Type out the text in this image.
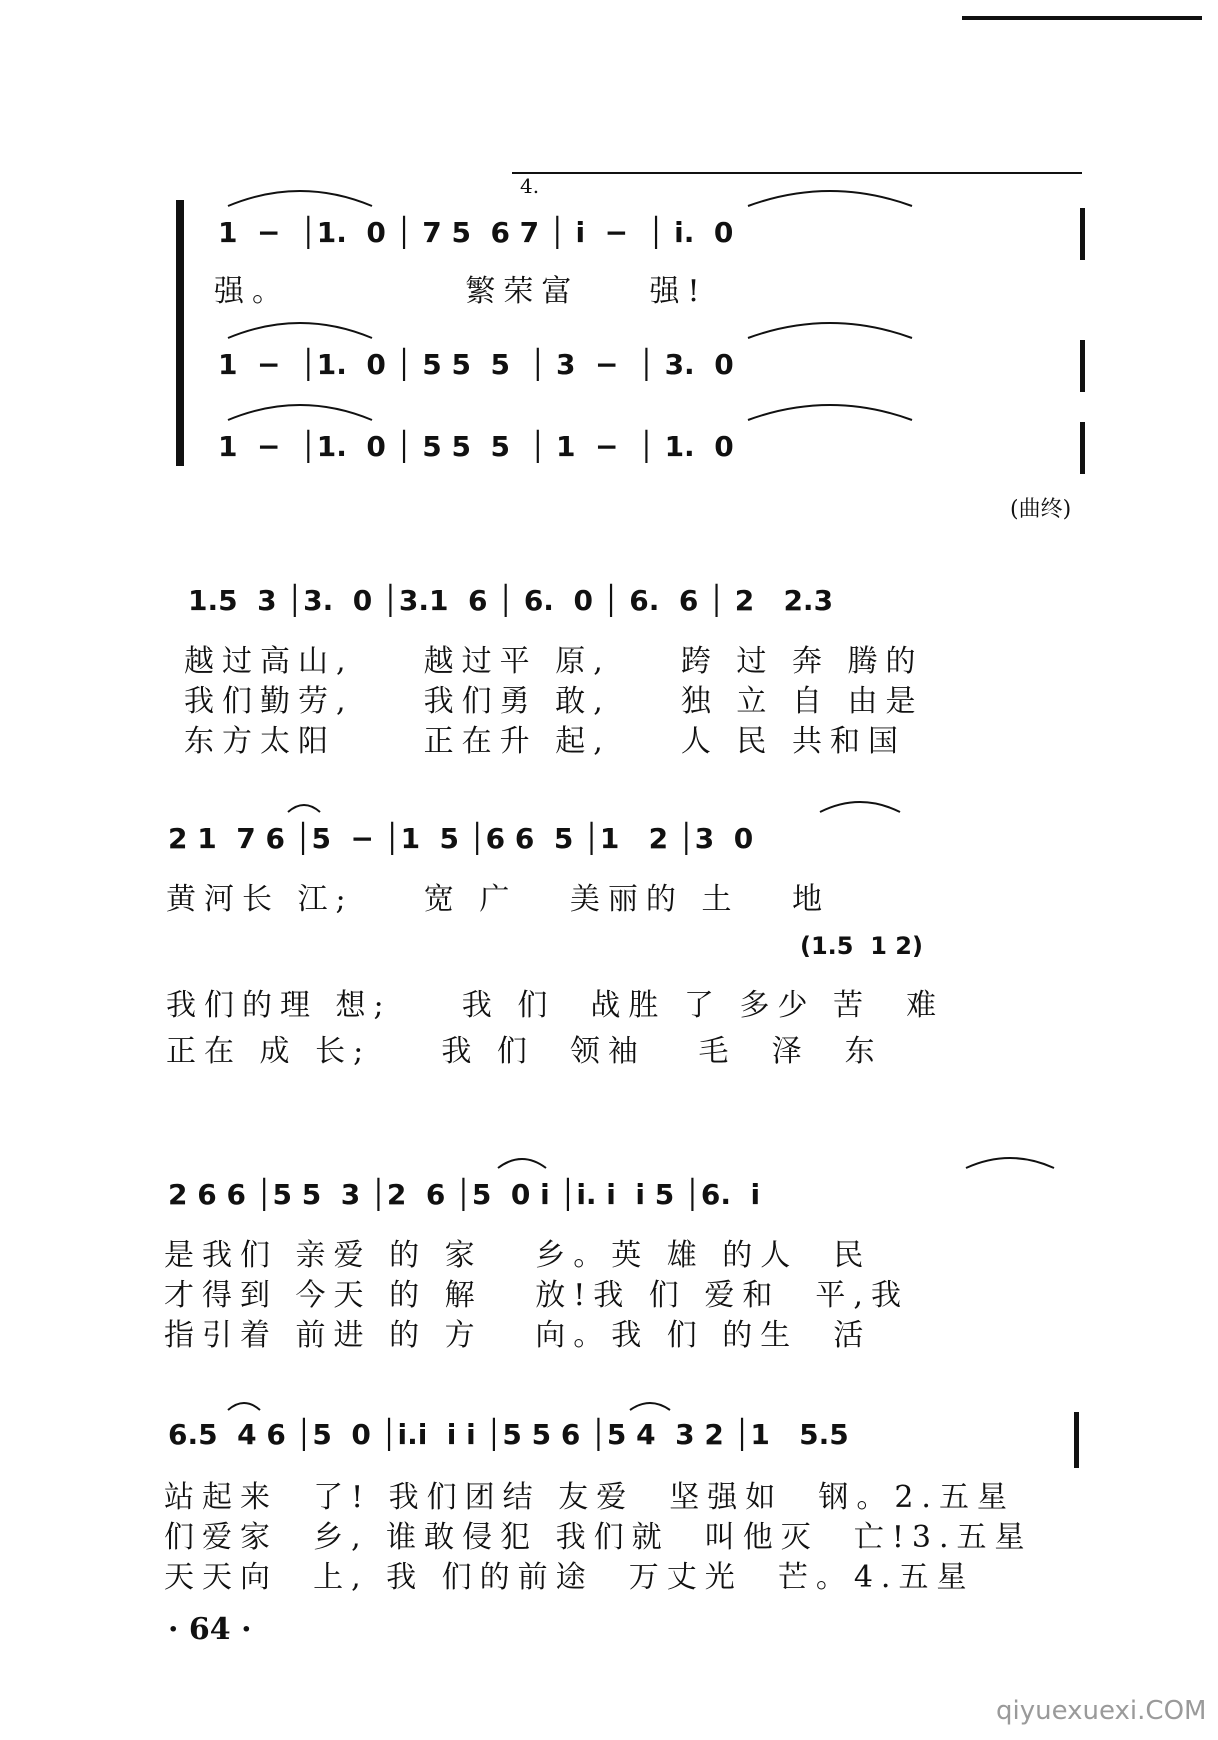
4.
1  −  │1.  0 │ 7 5  6 7 │ i  −  │ i.  0
强。          繁荣富    强!
1  −  │1.  0 │ 5 5  5  │ 3  −  │ 3.  0
1  −  │1.  0 │ 5 5  5  │ 1  −  │ 1.  0
(曲终)
1.5  3 │3.  0 │3.1  6 │ 6.  0 │ 6.  6 │ 2   2.3
越过高山,    越过平 原,    跨 过 奔 腾的
我们勤劳,    我们勇 敢,    独 立 自 由是
东方太阳     正在升 起,    人 民 共和国
2 1  7 6 │5  − │1  5 │6 6  5 │1   2 │3  0
黄河长 江;    宽 广   美丽的 土   地
(1.5  1 2)
我们的理 想;    我 们  战胜 了 多少 苦  难
正在 成 长;    我 们  领袖   毛  泽  东
2 6 6 │5 5  3 │2  6 │5  0 i │i. i  i 5 │6.  i
是我们 亲爱 的 家   乡。英 雄 的人  民
才得到 今天 的 解   放!我 们 爱和  平,我
指引着 前进 的 方   向。我 们 的生  活
6.5  4 6 │5  0 │i.i  i i │5 5 6 │5 4  3 2 │1   5.5
站起来  了! 我们团结 友爱  坚强如  钢。2.五星
们爱家  乡, 谁敢侵犯 我们就  叫他灭  亡!3.五星
天天向  上, 我 们的前途  万丈光  芒。4.五星
· 64 ·
qiyuexuexi.COM
